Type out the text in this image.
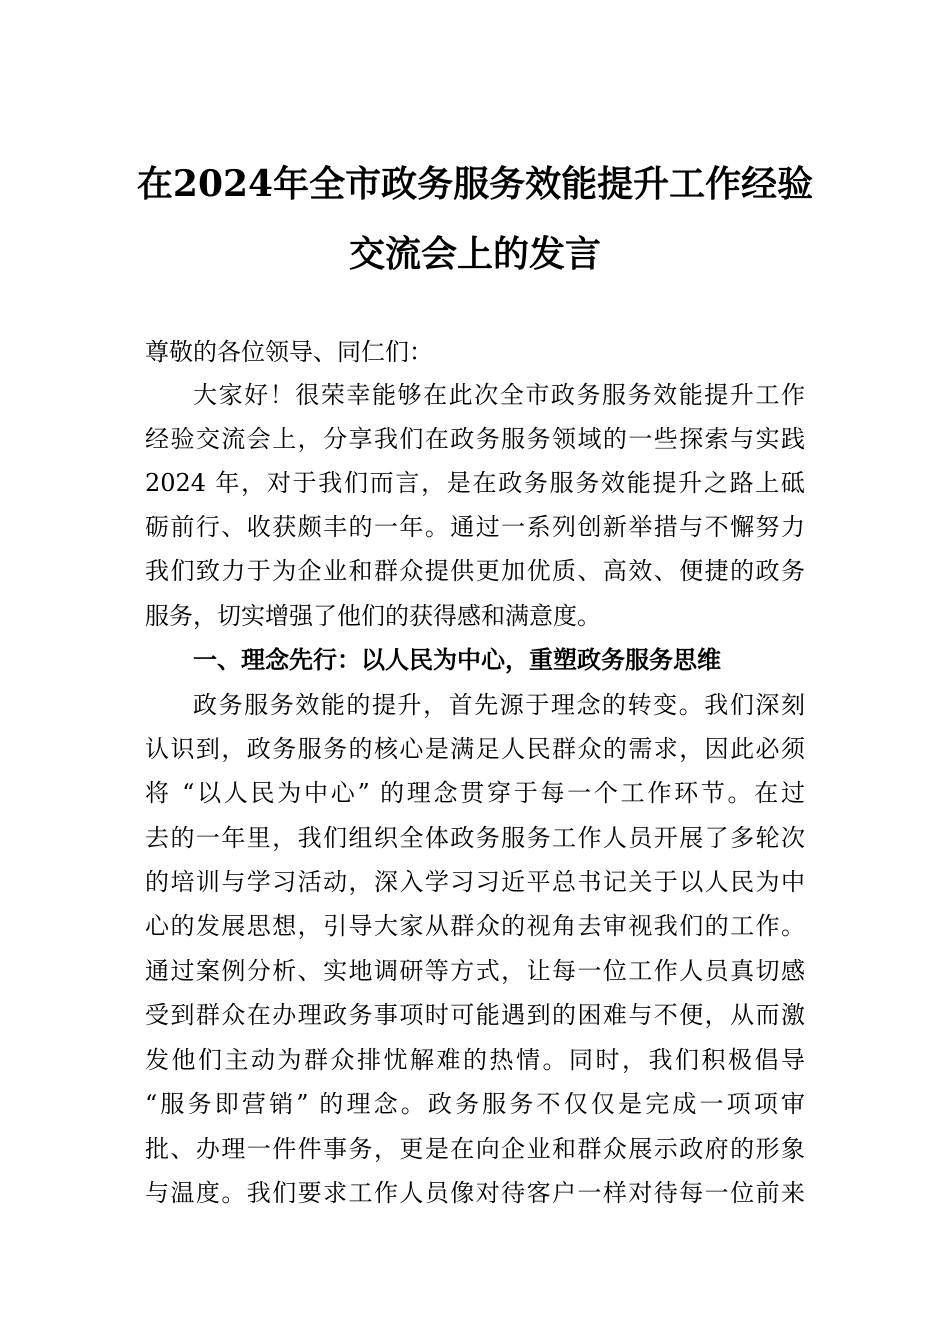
在2024年全市政务服务效能提升工作经验
交流会上的发言
尊敬的各位领导、同仁们：
大家好！很荣幸能够在此次全市政务服务效能提升工作
经验交流会上，分享我们在政务服务领域的一些探索与实践
2024 年，对于我们而言，是在政务服务效能提升之路上砥
砺前行、收获颇丰的一年。通过一系列创新举措与不懈努力
我们致力于为企业和群众提供更加优质、高效、便捷的政务
服务，切实增强了他们的获得感和满意度。
一、理念先行：以人民为中心，重塑政务服务思维
政务服务效能的提升，首先源于理念的转变。我们深刻
认识到，政务服务的核心是满足人民群众的需求，因此必须
将 “以人民为中心” 的理念贯穿于每一个工作环节。在过
去的一年里，我们组织全体政务服务工作人员开展了多轮次
的培训与学习活动，深入学习习近平总书记关于以人民为中
心的发展思想，引导大家从群众的视角去审视我们的工作。
通过案例分析、实地调研等方式，让每一位工作人员真切感
受到群众在办理政务事项时可能遇到的困难与不便，从而激
发他们主动为群众排忧解难的热情。同时，我们积极倡导
“服务即营销” 的理念。政务服务不仅仅是完成一项项审
批、办理一件件事务，更是在向企业和群众展示政府的形象
与温度。我们要求工作人员像对待客户一样对待每一位前来
